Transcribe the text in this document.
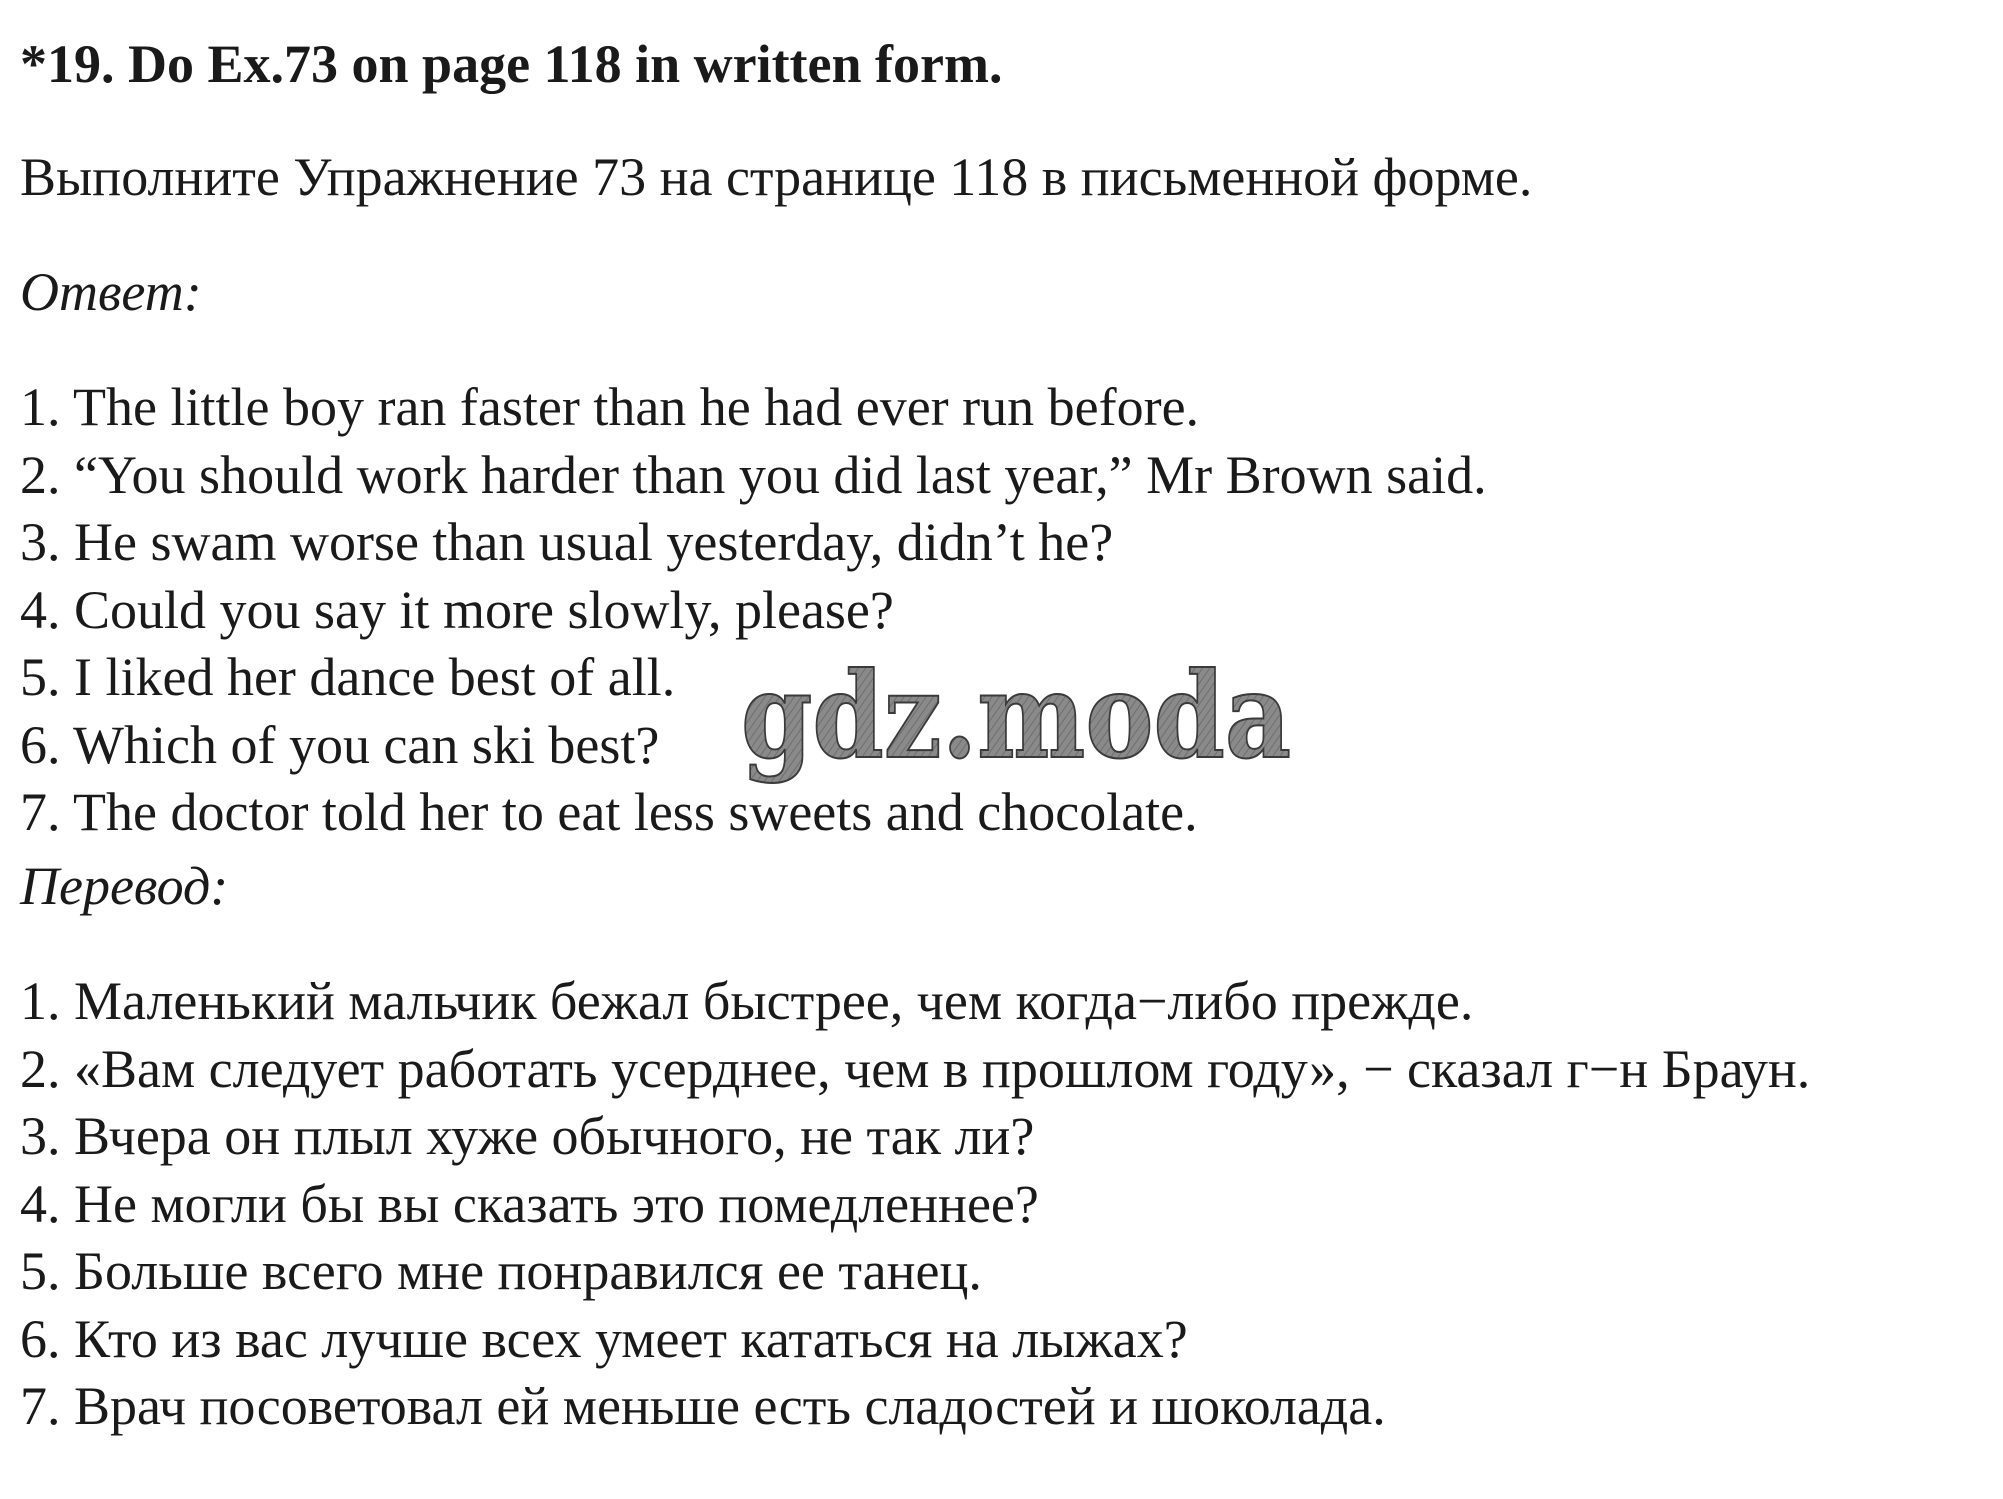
*19. Do Ex.73 on page 118 in written form.
Выполните Упражнение 73 на странице 118 в письменной форме.
Ответ:
1. The little boy ran faster than he had ever run before.
2. “You should work harder than you did last year,” Mr Brown said.
3. He swam worse than usual yesterday, didn’t he?
4. Could you say it more slowly, please?
5. I liked her dance best of all.
6. Which of you can ski best?
7. The doctor told her to eat less sweets and chocolate.
Перевод:
1. Маленький мальчик бежал быстрее, чем когда−либо прежде.
2. «Вам следует работать усерднее, чем в прошлом году», − сказал г−н Браун.
3. Вчера он плыл хуже обычного, не так ли?
4. Не могли бы вы сказать это помедленнее?
5. Больше всего мне понравился ее танец.
6. Кто из вас лучше всех умеет кататься на лыжах?
7. Врач посоветовал ей меньше есть сладостей и шоколада.
gdz.moda
